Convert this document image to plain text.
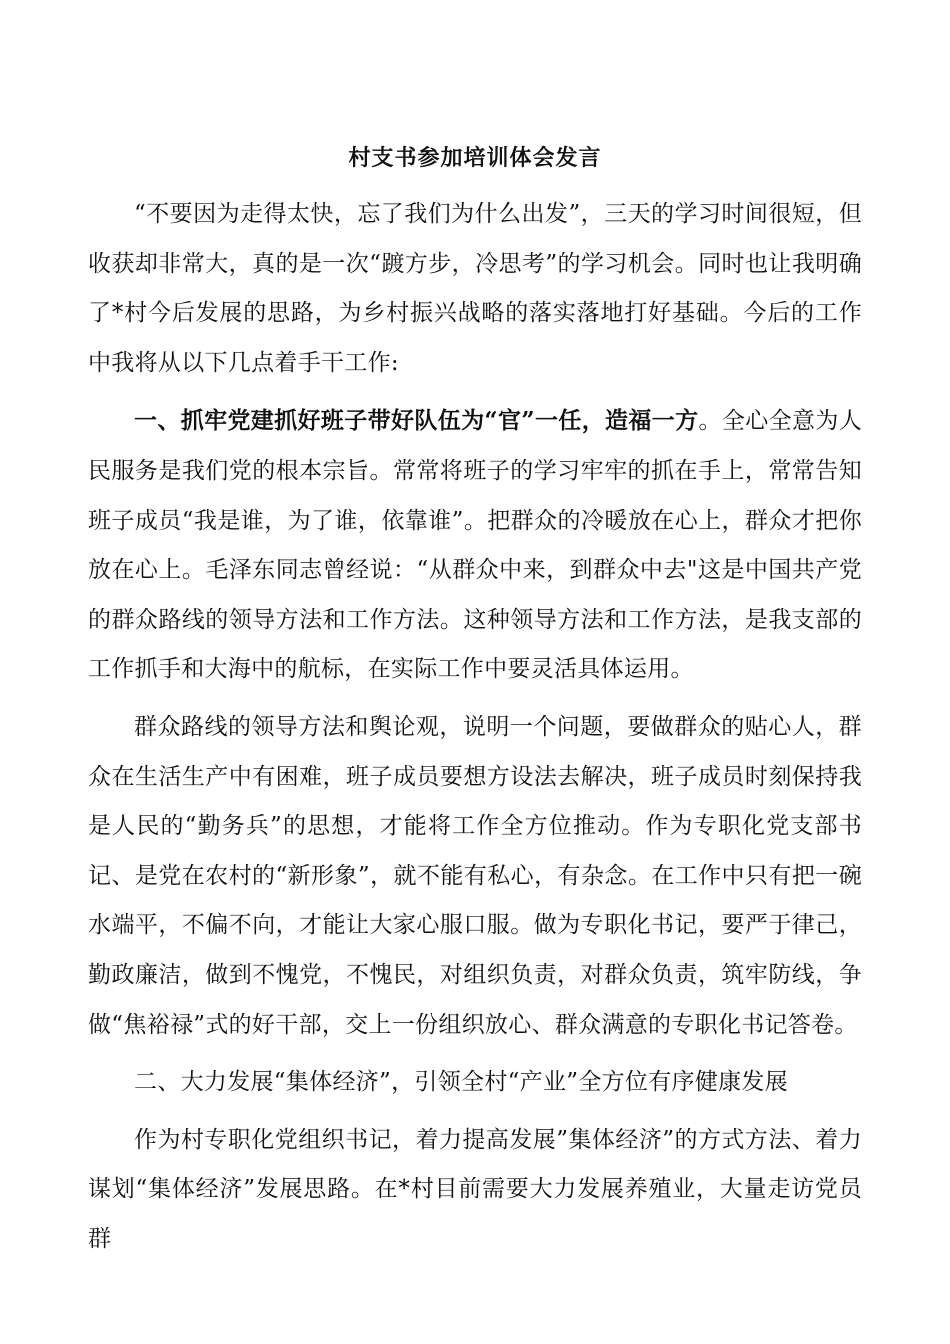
村支书参加培训体会发言

“不要因为走得太快，忘了我们为什么出发”，三天的学习时间很短，但收获却非常大，真的是一次“踱方步，冷思考”的学习机会。同时也让我明确了*村今后发展的思路，为乡村振兴战略的落实落地打好基础。今后的工作中我将从以下几点着手干工作:

一、抓牢党建抓好班子带好队伍为“官”一任，造福一方。全心全意为人民服务是我们党的根本宗旨。常常将班子的学习牢牢的抓在手上，常常告知班子成员“我是谁，为了谁，依靠谁”。把群众的冷暖放在心上，群众才把你放在心上。毛泽东同志曾经说：“从群众中来，到群众中去"这是中国共产党的群众路线的领导方法和工作方法。这种领导方法和工作方法，是我支部的工作抓手和大海中的航标，在实际工作中要灵活具体运用。

群众路线的领导方法和舆论观，说明一个问题，要做群众的贴心人，群众在生活生产中有困难，班子成员要想方设法去解决，班子成员时刻保持我是人民的“勤务兵”的思想，才能将工作全方位推动。作为专职化党支部书记、是党在农村的“新形象”，就不能有私心，有杂念。在工作中只有把一碗水端平，不偏不向，才能让大家心服口服。做为专职化书记，要严于律己，勤政廉洁，做到不愧党，不愧民，对组织负责，对群众负责，筑牢防线，争做“焦裕禄”式的好干部，交上一份组织放心、群众满意的专职化书记答卷。

二、大力发展“集体经济”，引领全村“产业”全方位有序健康发展

作为村专职化党组织书记，着力提高发展”集体经济”的方式方法、着力谋划“集体经济”发展思路。在*村目前需要大力发展养殖业，大量走访党员群
